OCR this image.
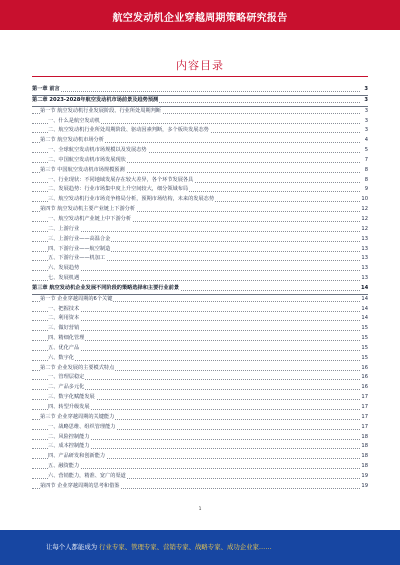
航空发动机企业穿越周期策略研究报告
内容目录
第一章 前言	3
第二章 2023-2028年航空发动机市场前景及趋势预测	3
第一节 航空发动机行业发展阶段、行业所处周期判断	3
一、什么是航空发动机	3
二、航空发动机行业所处周期阶段、驱动因素判断，多个板块发展态势	3
第二节 航空发动机市场分析	4
一、全球航空发动机市场规模以及发展态势	5
二、中国航空发动机市场发展现状	7
第三节 中国航空发动机市场规模预测	8
一、行业现状：不同地域发展存在较大差异，各个环节发展各具	8
二、发展趋势：行业市场集中度上升空间较大，细分领域布局	9
三、航空发动机行业市场竞争格局分析，预期市场结构，未来的发展态势	10
第四节 航空发动机主要产业链上下游分析	12
一、航空发动机产业链上中下游分析	12
二、上游行业	12
三、上游行业——高温合金	13
四、下游行业——航空制造	13
五、下游行业——机加工	13
六、发展趋势	13
七、发展机遇	13
第三章 航空发动机企业发展不同阶段的策略选择和主要行业前景	14
第一节 企业穿越周期的6个关键	14
一、把握技术	14
二、利用资本	14
三、做好营销	15
四、精细化管理	15
五、优化产品	15
六、数字化	15
第二节 企业发展的主要模式特点	16
一、管理层稳定	16
二、产品多元化	16
三、数字化赋能发展	17
四、转型升级发展	17
第三节 企业穿越周期的关键能力	17
一、战略思维、组织管理能力	17
二、风险控制能力	18
三、成本控制能力	18
四、产品研发和创新能力	18
五、融资能力	18
六、营销能力，精准、宽广的渠道	19
第四节 企业穿越周期的思考和借鉴	19
1
让每个人都能成为 行业专家、管理专家、营销专家、战略专家、成功企业家……
